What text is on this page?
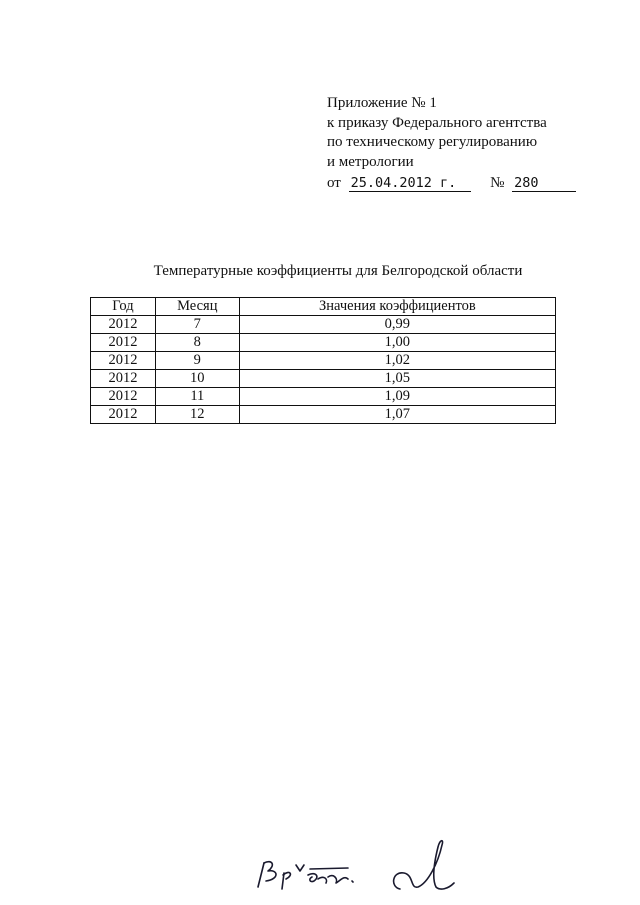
Приложение № 1
к приказу Федерального агентства
по техническому регулированию
и метрологии
от 25.04.2012 г. № 280
Температурные коэффициенты для Белгородской области
Год	Месяц	Значения коэффициентов
2012	7	0,99
2012	8	1,00
2012	9	1,02
2012	10	1,05
2012	11	1,09
2012	12	1,07
